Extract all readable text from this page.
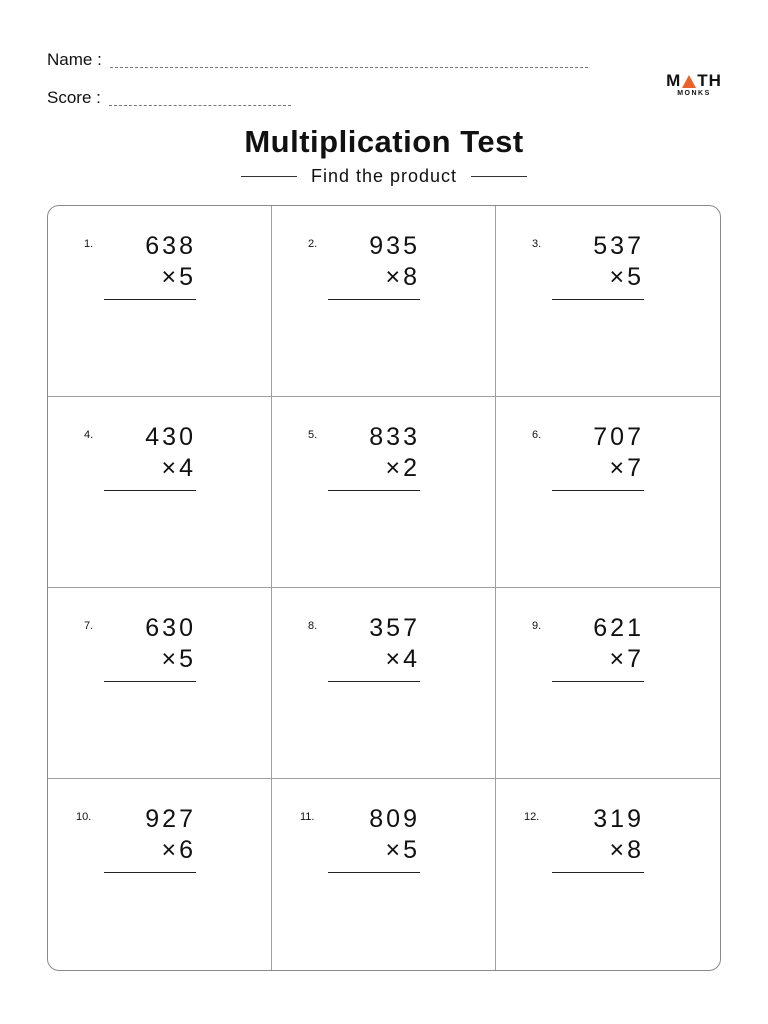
Name :
Score :
M TH
MONKS
Multiplication Test
Find the product
1.	638
×5
2.	935
×8
3.	537
×5
4.	430
×4
5.	833
×2
6.	707
×7
7.	630
×5
8.	357
×4
9.	621
×7
10.	927
×6
11.	809
×5
12.	319
×8
